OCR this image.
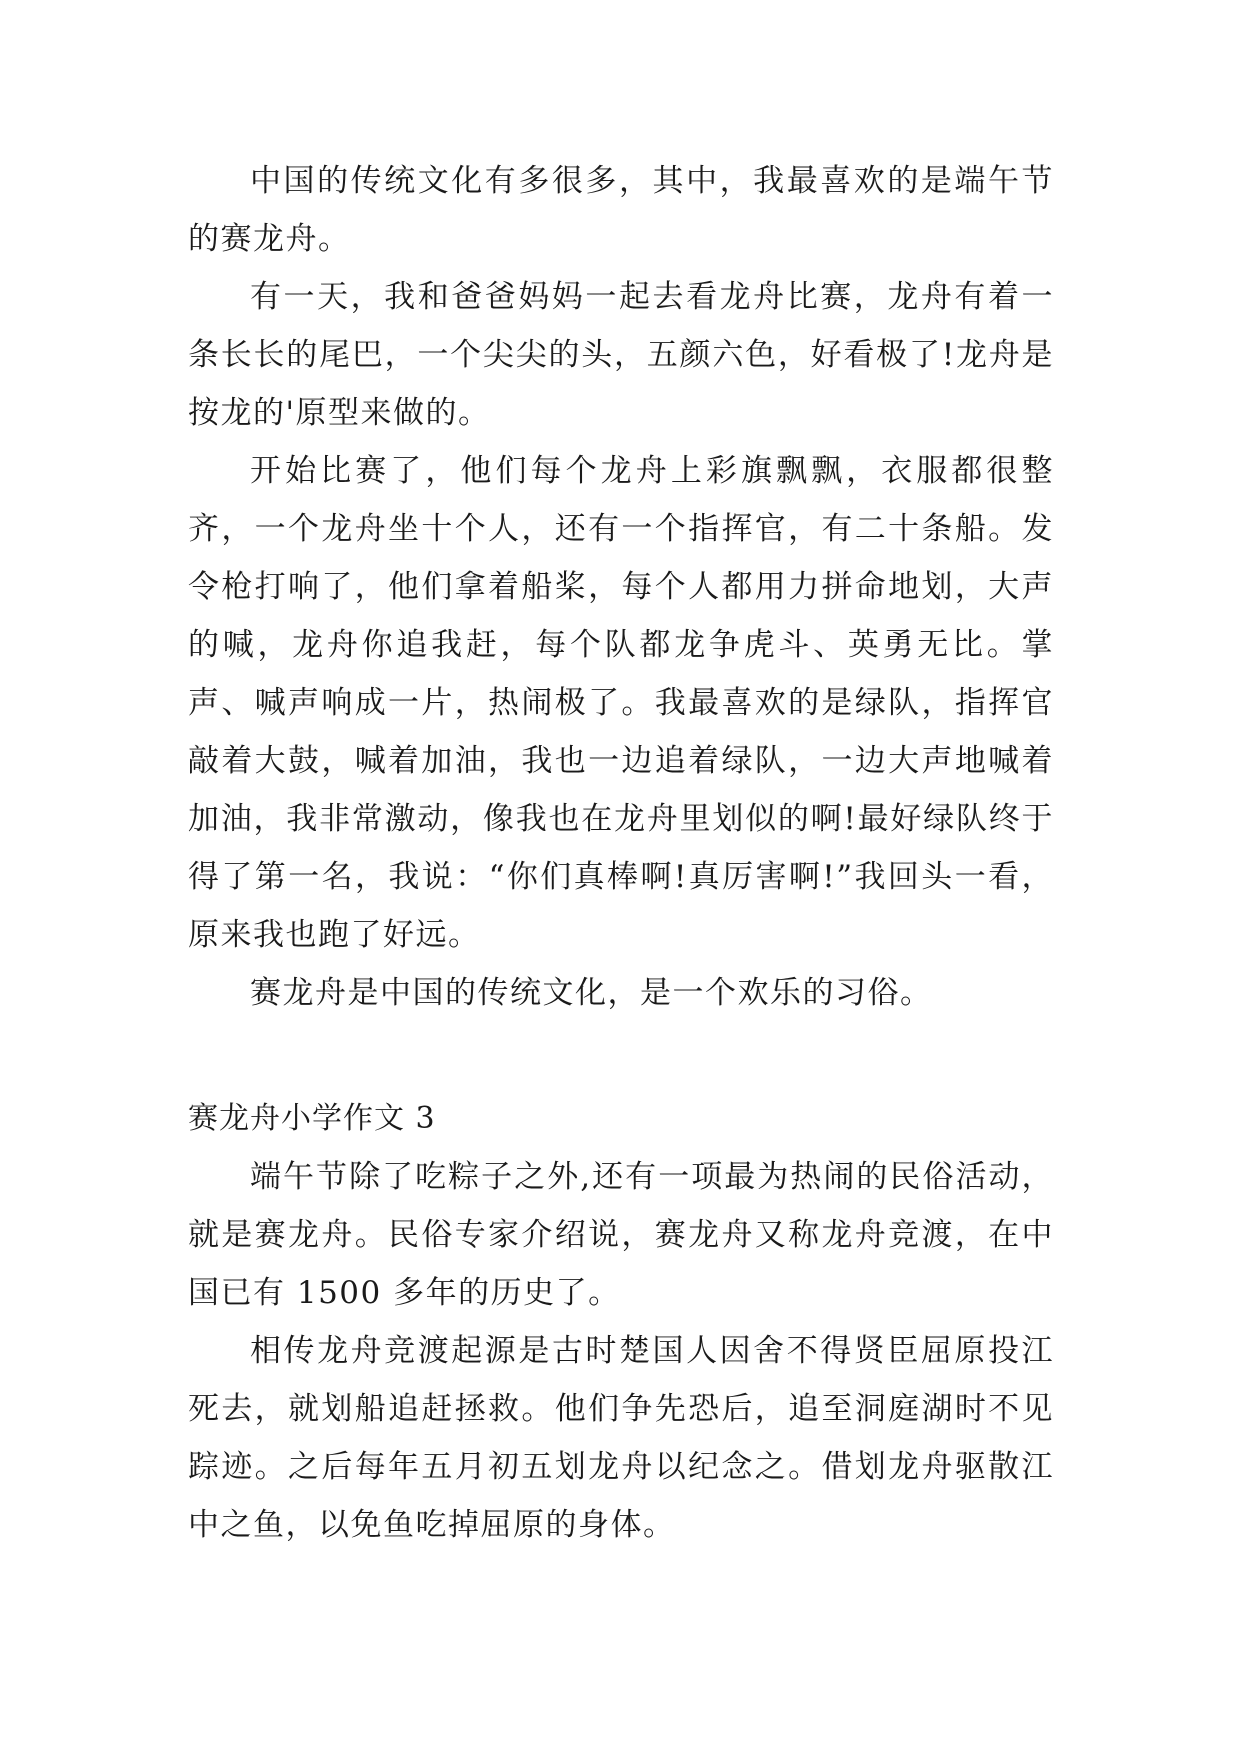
中国的传统文化有多很多，其中，我最喜欢的是端午节的赛龙舟。

有一天，我和爸爸妈妈一起去看龙舟比赛，龙舟有着一条长长的尾巴，一个尖尖的头，五颜六色，好看极了!龙舟是按龙的'原型来做的。

开始比赛了，他们每个龙舟上彩旗飘飘，衣服都很整齐，一个龙舟坐十个人，还有一个指挥官，有二十条船。发令枪打响了，他们拿着船桨，每个人都用力拼命地划，大声的喊，龙舟你追我赶，每个队都龙争虎斗、英勇无比。掌声、喊声响成一片，热闹极了。我最喜欢的是绿队，指挥官敲着大鼓，喊着加油，我也一边追着绿队，一边大声地喊着加油，我非常激动，像我也在龙舟里划似的啊!最好绿队终于得了第一名，我说：“你们真棒啊!真厉害啊!”我回头一看，原来我也跑了好远。

赛龙舟是中国的传统文化，是一个欢乐的习俗。

赛龙舟小学作文 3

端午节除了吃粽子之外,还有一项最为热闹的民俗活动，就是赛龙舟。民俗专家介绍说，赛龙舟又称龙舟竞渡，在中国已有 1500 多年的历史了。

相传龙舟竞渡起源是古时楚国人因舍不得贤臣屈原投江死去，就划船追赶拯救。他们争先恐后，追至洞庭湖时不见踪迹。之后每年五月初五划龙舟以纪念之。借划龙舟驱散江中之鱼，以免鱼吃掉屈原的身体。
